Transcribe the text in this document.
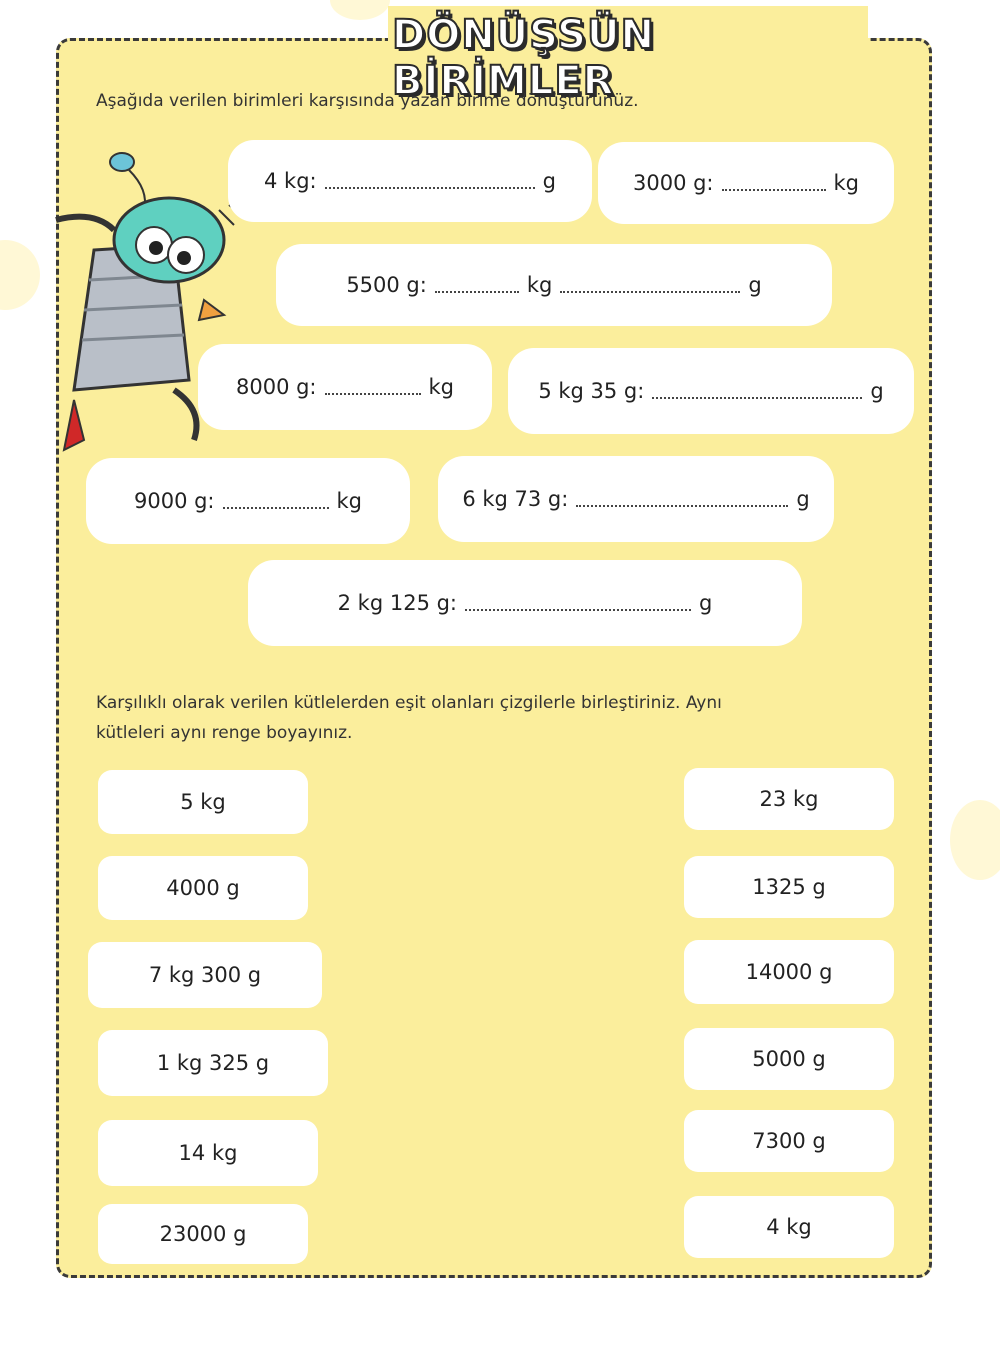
DÖNÜŞSÜN BİRİMLER
Aşağıda verilen birimleri karşısında yazan birime dönüştürünüz.
4 kg:	g	3000 g:	kg
5500 g:	kg	g
8000 g:	kg	5 kg 35 g:	g
9000 g:	kg	6 kg 73 g:	g
2 kg 125 g:	g
Karşılıklı olarak verilen kütlelerden eşit olanları çizgilerle birleştiriniz. Aynı
kütleleri aynı renge boyayınız.
5 kg
4000 g
7 kg 300 g
1 kg 325 g
14 kg
23000 g
23 kg
1325 g
14000 g
5000 g
7300 g
4 kg
